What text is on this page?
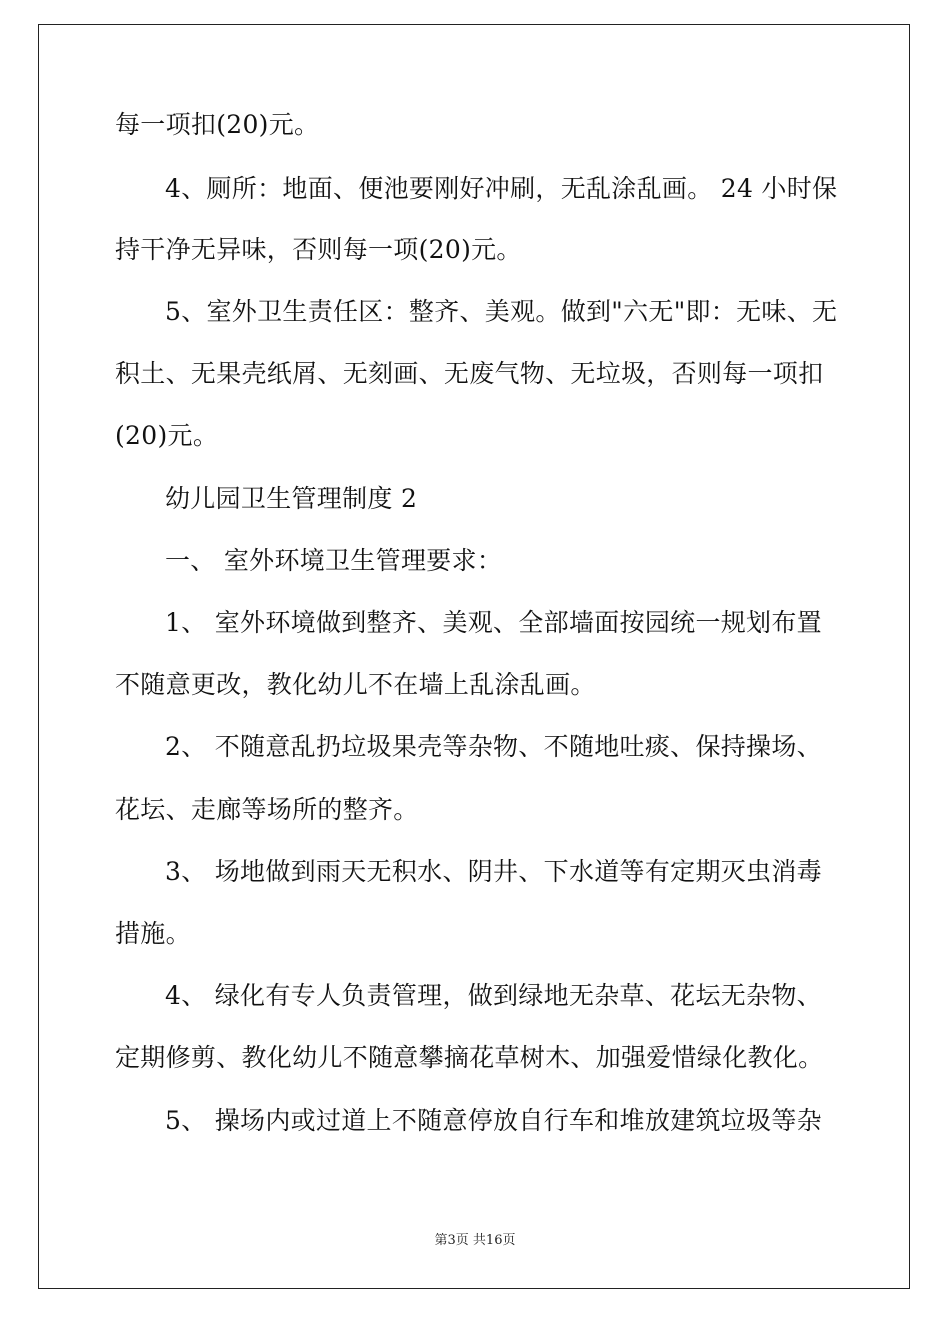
每一项扣(20)元。
4、厕所：地面、便池要刚好冲刷，无乱涂乱画。 24 小时保
持干净无异味，否则每一项(20)元。
5、室外卫生责任区：整齐、美观。做到"六无"即：无味、无
积土、无果壳纸屑、无刻画、无废气物、无垃圾，否则每一项扣
(20)元。
幼儿园卫生管理制度 2
一、 室外环境卫生管理要求：
1、 室外环境做到整齐、美观、全部墙面按园统一规划布置
不随意更改，教化幼儿不在墙上乱涂乱画。
2、 不随意乱扔垃圾果壳等杂物、不随地吐痰、保持操场、
花坛、走廊等场所的整齐。
3、 场地做到雨天无积水、阴井、下水道等有定期灭虫消毒
措施。
4、 绿化有专人负责管理，做到绿地无杂草、花坛无杂物、
定期修剪、教化幼儿不随意攀摘花草树木、加强爱惜绿化教化。
5、 操场内或过道上不随意停放自行车和堆放建筑垃圾等杂
第3页 共16页
